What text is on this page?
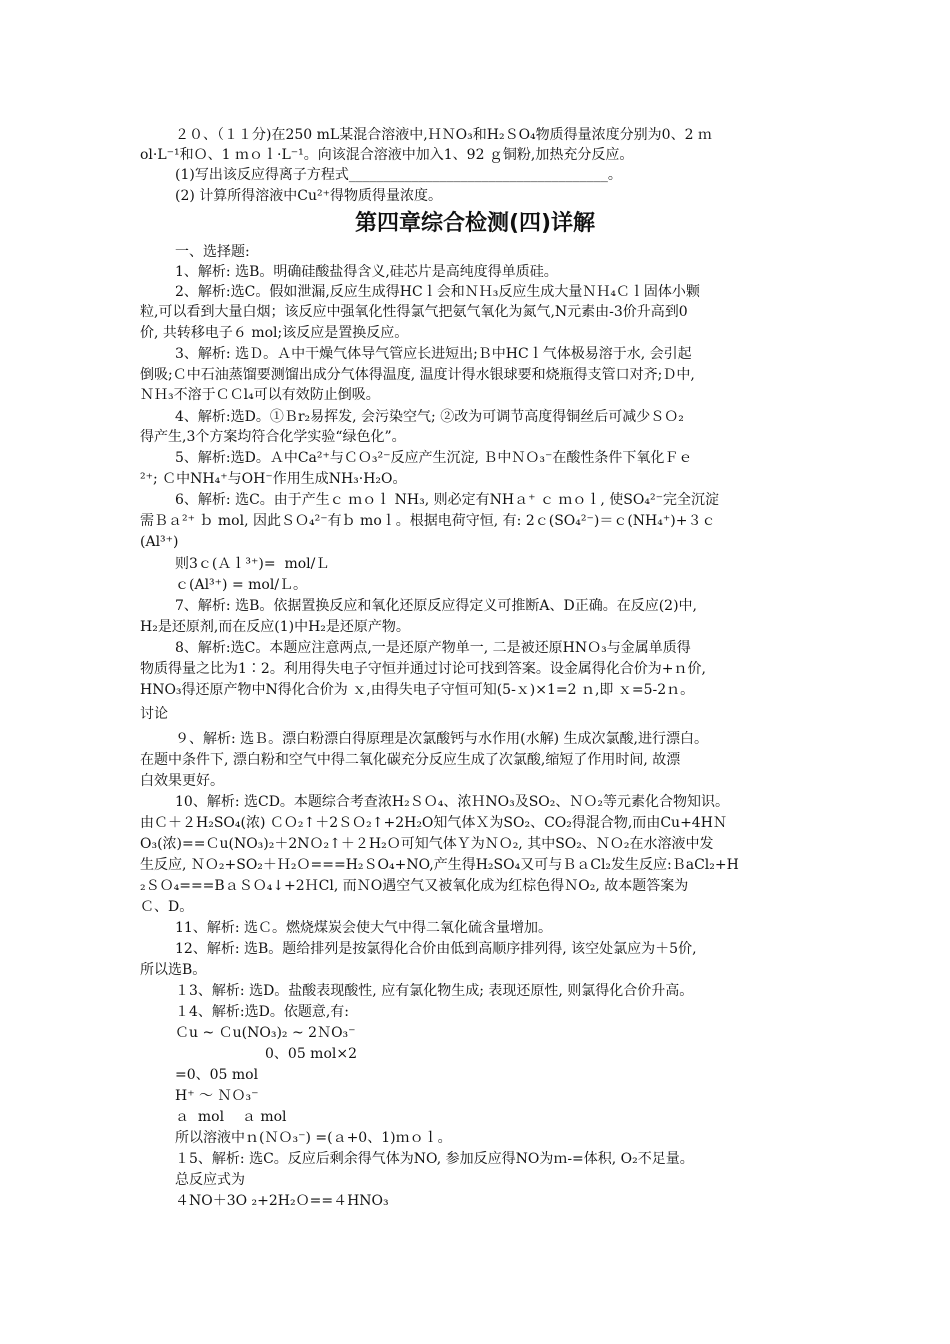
２０、（１１分)在250 mL某混合溶液中,ＨＮO₃和H₂ＳO₄物质得量浓度分别为0、2 ｍ
ol·L⁻¹和Ｏ、1 ｍｏｌ·L⁻¹。向该混合溶液中加入1、92 ｇ铜粉,加热充分反应。
(1)写出该反应得离子方程式_____________________________________。
(2) 计算所得溶液中Cu²⁺得物质得量浓度。
第四章综合检测(四)详解
一、选择题:
1、解析: 选B。明确硅酸盐得含义,硅芯片是高纯度得单质硅。
2、解析:选C。假如泄漏,反应生成得HCｌ会和ＮＨ₃反应生成大量ＮＨ₄Ｃｌ固体小颗
粒,可以看到大量白烟；该反应中强氧化性得氯气把氨气氧化为氮气,N元素由-3价升高到0
价, 共转移电子６ mol;该反应是置换反应。
3、解析: 选Ｄ。Ａ中干燥气体导气管应长进短出;Ｂ中HCｌ气体极易溶于水, 会引起
倒吸;Ｃ中石油蒸馏要测馏出成分气体得温度, 温度计得水银球要和烧瓶得支管口对齐;Ｄ中,
ＮＨ₃不溶于ＣＣl₄可以有效防止倒吸。
4、解析:选D。①Ｂr₂易挥发, 会污染空气; ②改为可调节高度得铜丝后可减少ＳＯ₂
得产生,3个方案均符合化学实验“绿色化”。
5、解析:选D。Ａ中Ca²⁺与ＣＯ₃²⁻反应产生沉淀, Ｂ中ＮＯ₃⁻在酸性条件下氧化Ｆｅ
²⁺; Ｃ中NH₄⁺与OH⁻作用生成NH₃·H₂O。
6、解析: 选C。由于产生ｃ ｍｏｌ NH₃, 则必定有NHａ⁺ ｃ ｍｏｌ, 使SO₄²⁻完全沉淀
需Ｂａ²⁺ ｂ mol, 因此ＳＯ₄²⁻有ｂ moｌ。根据电荷守恒, 有: 2ｃ(SO₄²⁻)＝ｃ(NH₄⁺)+３ｃ
(Al³⁺)
则3ｃ(Ａｌ³⁺)=  mol/Ｌ
ｃ(Al³⁺) = mol/Ｌ。
7、解析: 选B。依据置换反应和氧化还原反应得定义可推断A、D正确。在反应(2)中,
H₂是还原剂,而在反应(1)中H₂是还原产物。
8、解析:选C。本题应注意两点,一是还原产物单一, 二是被还原HNＯ₃与金属单质得
物质得量之比为1∶2。利用得失电子守恒并通过讨论可找到答案。设金属得化合价为+ｎ价,
HNO₃得还原产物中N得化合价为 ｘ,由得失电子守恒可知(5-ｘ)×1=2 ｎ,即 ｘ=5-2ｎ。
讨论
９、解析: 选Ｂ。漂白粉漂白得原理是次氯酸钙与水作用(水解) 生成次氯酸,进行漂白。
在题中条件下, 漂白粉和空气中得二氧化碳充分反应生成了次氯酸,缩短了作用时间, 故漂
白效果更好。
10、解析: 选CD。本题综合考查浓H₂ＳＯ₄、浓ＨNO₃及SO₂、ＮＯ₂等元素化合物知识。
由Ｃ＋２H₂SO₄(浓) ＣＯ₂↑＋2ＳＯ₂↑+2H₂O知气体Ｘ为SO₂、CO₂得混合物,而由Cu+4HＮ
O₃(浓)==Ｃu(NO₃)₂＋2NＯ₂↑＋２H₂Ｏ可知气体Ｙ为ＮＯ₂, 其中SO₂、ＮＯ₂在水溶液中发
生反应, ＮＯ₂+SO₂＋Ｈ₂Ｏ===H₂ＳO₄+NO,产生得H₂SO₄又可与ＢａCl₂发生反应:ＢaCl₂+H
₂ＳＯ₄===BａＳＯ₄↓+2ＨCl, 而ＮO遇空气又被氧化成为红棕色得ＮO₂, 故本题答案为
Ｃ、D。
11、解析: 选Ｃ。燃烧煤炭会使大气中得二氧化硫含量增加。
12、解析: 选B。题给排列是按氯得化合价由低到高顺序排列得, 该空处氯应为＋5价,
所以选B。
１3、解析: 选D。盐酸表现酸性, 应有氯化物生成; 表现还原性, 则氯得化合价升高。
１4、解析:选D。依题意,有:
Ｃu ~ Ｃu(NO₃)₂ ~ 2ＮO₃⁻
0、05 mol×2
=0、05 mol
H⁺ ～ ＮＯ₃⁻
ａ  mol    ａ mol
所以溶液中ｎ(ＮＯ₃⁻) =(ａ+0、1)ｍｏｌ。
１5、解析: 选C。反应后剩余得气体为NO, 参加反应得NO为ｍ-=体积, O₂不足量。
总反应式为
４NO＋3O ₂+2H₂Ｏ==４HNO₃
